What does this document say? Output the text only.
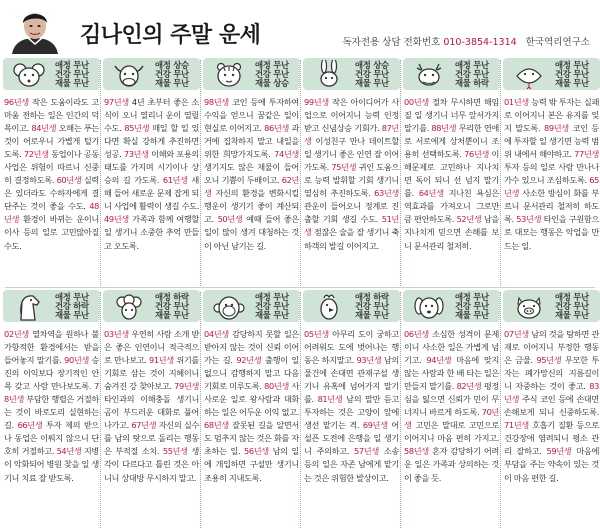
김나인의 주말 운세	독자전용 상담 전화번호 010-3854-1314 한국역리연구소
애정 무난
건강 무난
재물 무난
96년생 작은 도움이라도 고마움 전하는 일은 인간의 덕목이고. 84년생 오해는 푸는 것이 어로우니 가볍게 털기도록. 72년생 동업이나 공동사업은 위험이 따르니 신중히 결정하도록. 60년생 실력은 있더라도 수하자에게 결단주는 것이 좋을 수도. 48년생 환경이 바뀌는 운이니 이사 등의 일로 고민많아질 수도.
애정 상승
건강 무난
재물 무난
97년생 4년 초부터 좋은 소식이 오니 열리니 운이 열릴 수도. 85년생 매일 할 일 있다면 확실 강하게 추진하면 성공. 73년생 이해와 포용의 태도를 가지며 시기이나 상승의 길 가도록. 61년생 새해 들어 새로운 문제 잡게 되니 사업에 활력이 생길 수도. 49년생 가족과 함께 여행할 일 생기니 소중한 추억 만들고 오도록.
애정 무난
건강 무난
재물 상승
98년생 코인 등에 투자하여 수익을 얻으니 꿈같은 일이 현실로 이어지고. 86년생 과거에 집착하지 말고 내일을 위한 희망가지도록. 74년생 생기지도 않은 재물이 들어오니 기쁨이 두배이고. 62년생 자신의 환경을 변화시킬 행운이 생기기 좋이 계산되고. 50년생 예때 들어 좋은 일이 많이 생겨 대청하는 것이 아닌 남기는 길.
애정 상승
건강 무난
재물 무난
99년생 작은 아이디어가 사업으로 이어지니 능력 인정받고 신념상승 기회가. 87년생 이성친구 만나 데이트할 일 생기니 좋은 인연 잘 이어가도록. 75년생 귀인 도움으로 능력 발휘할 기회 생기니 열심히 추진하도록. 63년생 관운이 들어오니 정계로 진출할 기회 생길 수도. 51년생 점잖은 술을 잘 생기니 축하객의 발길 이어지고.
애정 무난
건강 무난
재물 하락
00년생 절차 무시하면 해임질 일 생기니 너무 앞서가지 말기를. 88년생 무리한 연애로 서로에게 상처뿐이니 조용히 선택하도록. 76년생 이해문제로 고민하나 지나치면 독이 되니 선 넘지 말기를. 64년생 지나친 욕심은 역효과를 가져오니 그로만큼 편안하도록. 52년생 남을 지나치게 믿으면 손해를 보니 문서관리 철저히.
애정 무난
건강 무난
재물 무난
01년생 능력 밖 투자는 실패로 이어지니 본은 유지를 잊지 말도록. 89년생 코인 등에 투자할 일 생기면 능력 범위 내에서 해야하고. 77년생 투자 등의 일로 사람 만나나 가수 있으니 조심하도록. 65년생 사소한 방심이 화를 부르니 문서관리 철저히 하도록. 53년생 타인을 구원함으로 대모는 행동은 악업을 만드는 일.
애정 무난
건강 하락
재물 무난
02년생 열차역을 원하나 불가항적한 환경에서는 받을 들어놓지 말기를. 90년생 승진의 이익보다 장기적인 안목 갖고 사람 만나보도록. 78년생 부담한 행렬은 거절하는 것이 바로도리 실현하는 길. 66년생 투자 제의 받으나 동업은 이뤄지 않으니 단호히 거절하고. 54년생 지병이 악화되어 병원 찾을 일 생기니 치료 잘 받도록.
애정 하락
건강 무난
재물 무난
03년생 우연히 사람 소개 받은 좋은 인연이니 적극적으로 만나보고. 91년생 위기를 기회로 삼는 것이 지혜이니 숨겨진 강 찾아보고. 79년생 타인과의 이해충돌 생기니 곰이 부드러운 대화로 풀어나가고. 67년생 자신의 실수를 남의 탓으로 돌리는 행동은 부적절 소치. 55년생 생각이 다르다고 틀린 것은 아니니 상대방 무시하지 말고.
애정 무난
건강 무난
재물 무난
04년생 감당하지 못할 일은 받아지 않는 것이 신뢰 이어가는 길. 92년생 출행이 일 없으니 감행하지 말고 다음 기회로 미루도록. 80년생 사사로운 일로 왕사람과 대화하는 일은 어두운 이익 없고. 68년생 잘못된 길을 알면서도 멈추지 않는 것은 화를 자초하는 일. 56년생 남의 일에 개입하면 구설만 생기니 조용히 지내도록.
애정 하락
건강 무난
재물 무난
05년생 아무리 도이 궁하고 어려워도 도에 벗어나는 행동은 하지말고. 93년생 남의 물건에 손대면 관재구설 생기니 유혹에 넘어가지 말기를. 81년생 남의 말만 듣고 투자하는 것은 고양이 앞에 생선 맡기는 격. 69년생 어설픈 도전에 은행을 일 생기니 주의하고. 57년생 소송 등의 일은 자존 남에게 맡기는 것은 위험한 발상이고.
애정 무난
건강 무난
재물 무난
06년생 소심한 성격이 문제이니 사소한 일은 가볍게 넘기고. 94년생 마음에 맞지 않는 사람과 한 배 타는 일은 만들지 말기를. 82년생 평정심을 잃으면 신뢰가 민이 무너지니 바르게 하도록. 70년생 고민은 말대로 고민으로 이어지니 마음 편히 가지고. 58년생 혼자 감당하기 어려운 일은 가족과 상의하는 것이 좋을 듯.
애정 무난
건강 무난
재물 무난
07년생 남의 것을 탐하면 관재로 이어지니 부정한 행동은 금물. 95년생 무모한 투자는 폐가망신의 지름길이니 자중하는 것이 좋고. 83년생 주식 코인 등에 손대면 손해보게 되니 신중하도록. 71년생 호흡기 질환 등으로 건강장애 염려되니 평소 관리 잘하고. 59년생 마음에 부담을 주는 약속이 있는 것이 마음 편한 길.
